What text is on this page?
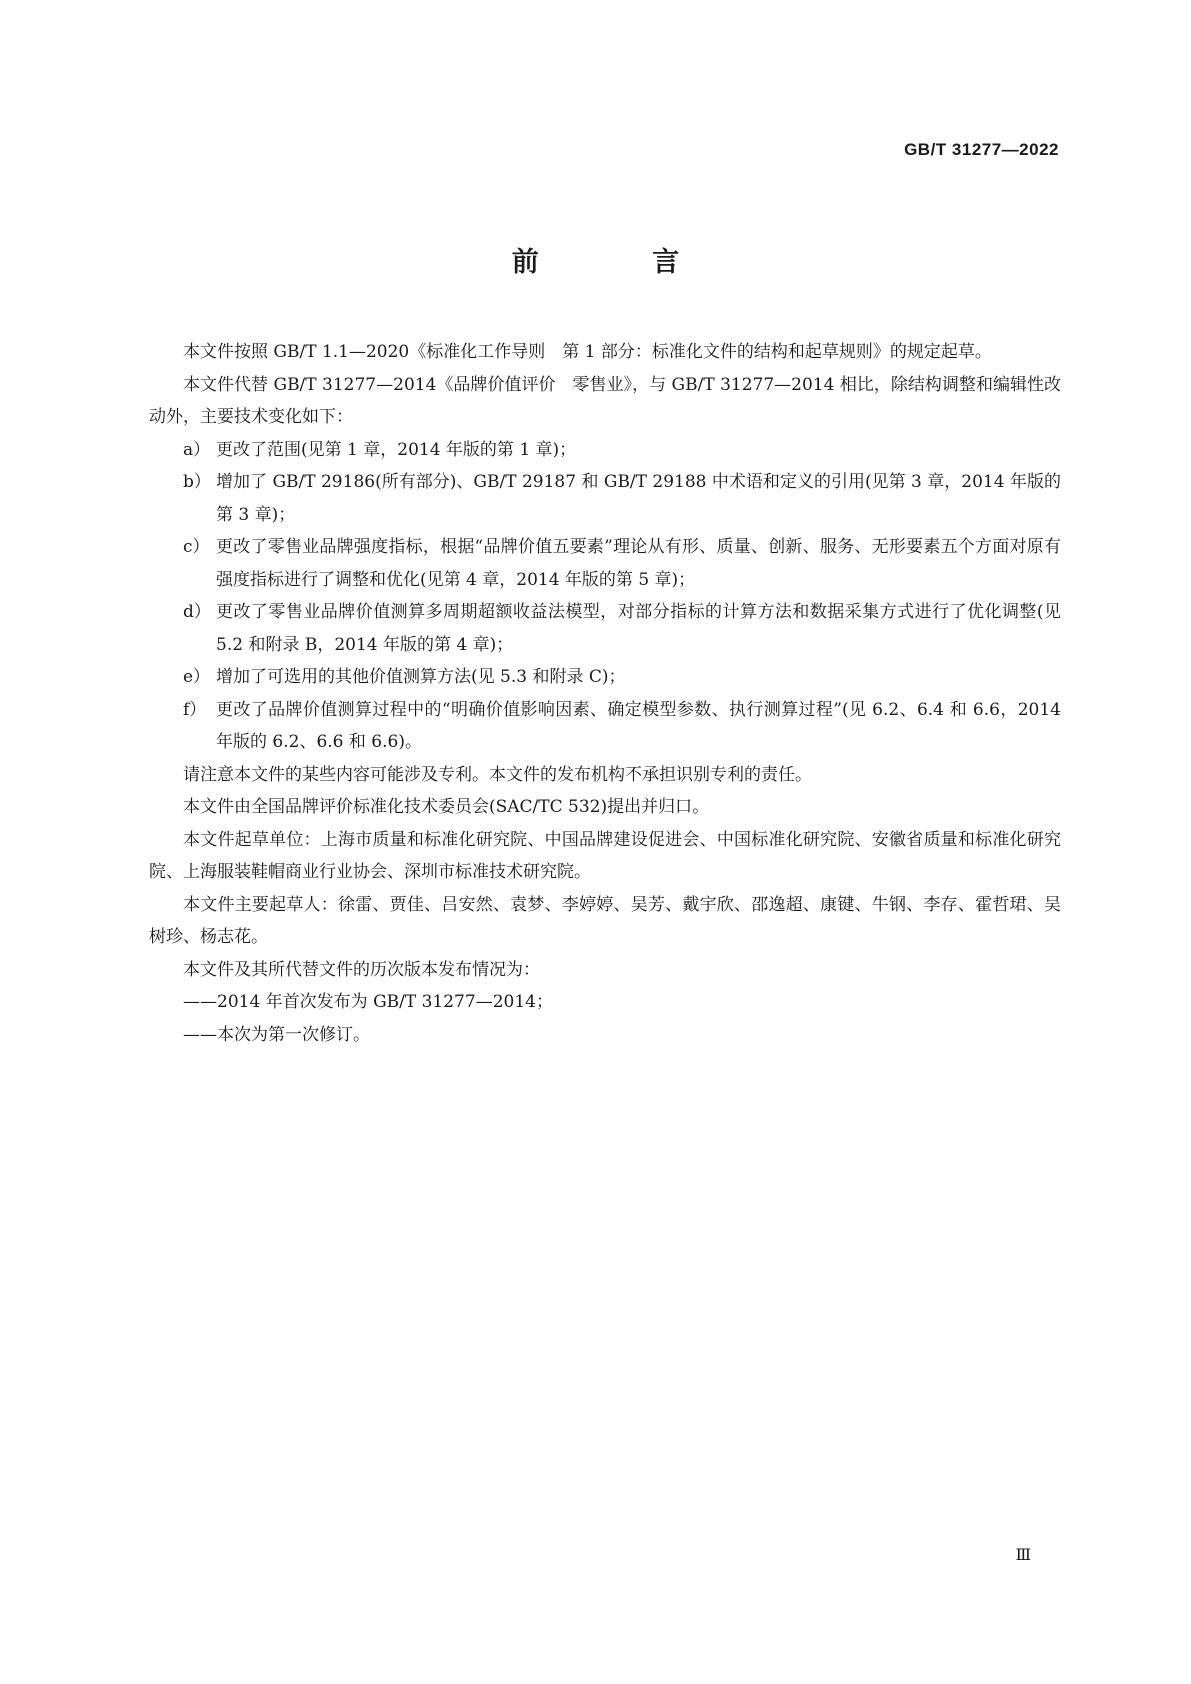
GB/T 31277—2022
前 言

本文件按照 GB/T 1.1—2020《标准化工作导则　第 1 部分：标准化文件的结构和起草规则》的规定起草。

本文件代替 GB/T 31277—2014《品牌价值评价　零售业》，与 GB/T 31277—2014 相比，除结构调整和编辑性改动外，主要技术变化如下：

a） 更改了范围(见第 1 章，2014 年版的第 1 章)；

b） 增加了 GB/T 29186(所有部分)、GB/T 29187 和 GB/T 29188 中术语和定义的引用(见第 3 章，2014 年版的第 3 章)；

c） 更改了零售业品牌强度指标，根据“品牌价值五要素”理论从有形、质量、创新、服务、无形要素五个方面对原有强度指标进行了调整和优化(见第 4 章，2014 年版的第 5 章)；

d） 更改了零售业品牌价值测算多周期超额收益法模型，对部分指标的计算方法和数据采集方式进行了优化调整(见 5.2 和附录 B，2014 年版的第 4 章)；

e） 增加了可选用的其他价值测算方法(见 5.3 和附录 C)；

f） 更改了品牌价值测算过程中的“明确价值影响因素、确定模型参数、执行测算过程”(见 6.2、6.4 和 6.6，2014 年版的 6.2、6.6 和 6.6)。

请注意本文件的某些内容可能涉及专利。本文件的发布机构不承担识别专利的责任。

本文件由全国品牌评价标准化技术委员会(SAC/TC 532)提出并归口。

本文件起草单位：上海市质量和标准化研究院、中国品牌建设促进会、中国标准化研究院、安徽省质量和标准化研究院、上海服装鞋帽商业行业协会、深圳市标准技术研究院。

本文件主要起草人：徐雷、贾佳、吕安然、袁梦、李婷婷、吴芳、戴宇欣、邵逸超、康键、牛钢、李存、霍哲珺、吴树珍、杨志花。

本文件及其所代替文件的历次版本发布情况为：

——2014 年首次发布为 GB/T 31277—2014；

——本次为第一次修订。

Ⅲ
